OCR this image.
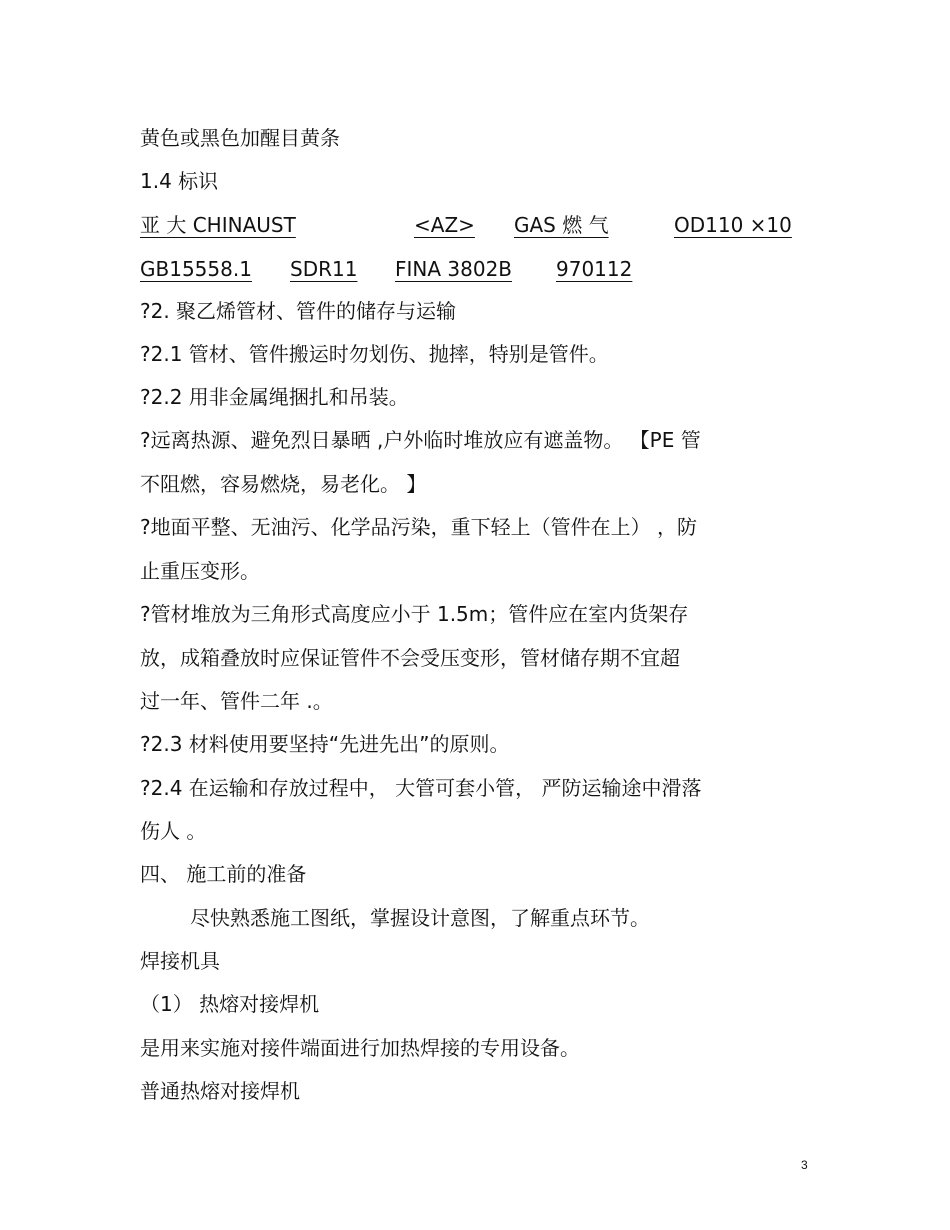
黄色或黑色加醒目黄条
1.4 标识
亚 大 CHINAUST	<AZ> GAS 燃 气	OD110 ×10
GB15558.1 SDR11 FINA 3802B 970112
?2. 聚乙烯管材、管件的储存与运输
?2.1 管材、管件搬运时勿划伤、抛摔，特别是管件。
?2.2 用非金属绳捆扎和吊装。
?远离热源、避免烈日暴晒 ,户外临时堆放应有遮盖物。 【PE 管
不阻燃，容易燃烧，易老化。 】
?地面平整、无油污、化学品污染，重下轻上（管件在上） ，防
止重压变形。
?管材堆放为三角形式高度应小于 1.5m；管件应在室内货架存
放，成箱叠放时应保证管件不会受压变形，管材储存期不宜超
过一年、管件二年 .。
?2.3 材料使用要坚持“先进先出”的原则。
?2.4 在运输和存放过程中， 大管可套小管， 严防运输途中滑落
伤人 。
四、 施工前的准备
尽快熟悉施工图纸，掌握设计意图，了解重点环节。
焊接机具
（1） 热熔对接焊机
是用来实施对接件端面进行加热焊接的专用设备。
普通热熔对接焊机
3
